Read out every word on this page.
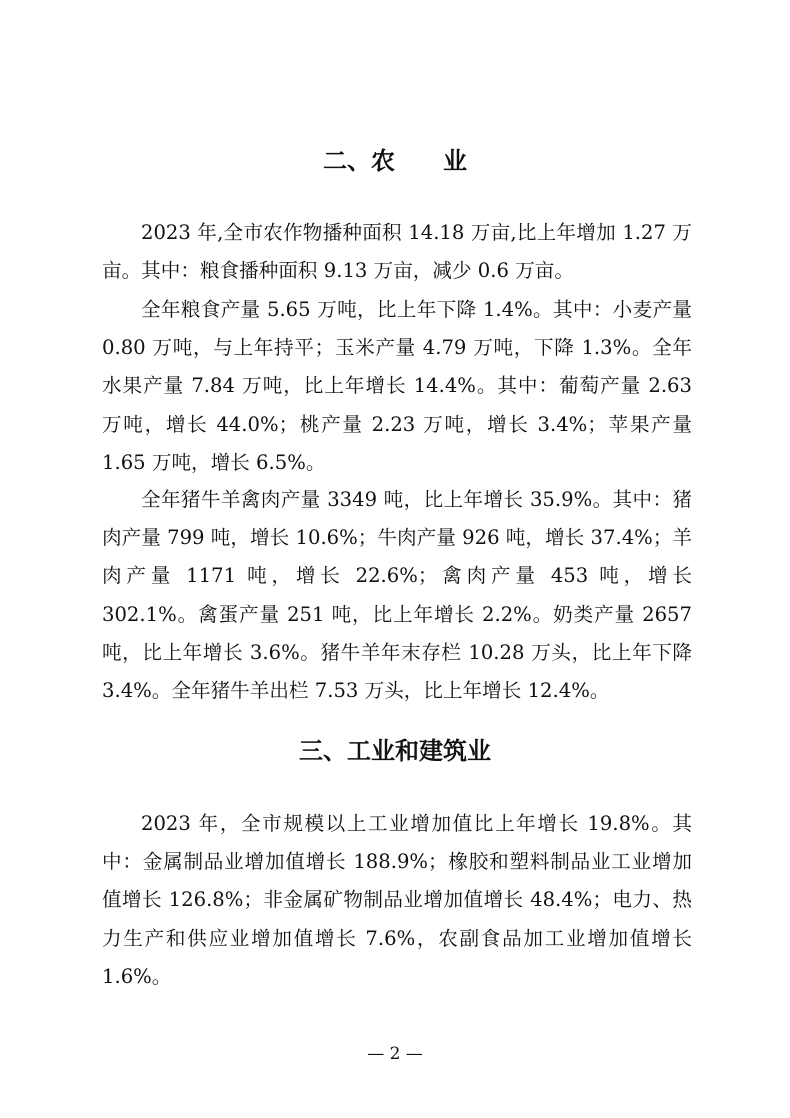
二、农 业

2023 年,全市农作物播种面积 14.18 万亩,比上年增加 1.27 万亩。其中：粮食播种面积 9.13 万亩，减少 0.6 万亩。

全年粮食产量 5.65 万吨，比上年下降 1.4%。其中：小麦产量 0.80 万吨，与上年持平；玉米产量 4.79 万吨，下降 1.3%。全年水果产量 7.84 万吨，比上年增长 14.4%。其中：葡萄产量 2.63 万吨，增长 44.0%；桃产量 2.23 万吨，增长 3.4%；苹果产量 1.65 万吨，增长 6.5%。

全年猪牛羊禽肉产量 3349 吨，比上年增长 35.9%。其中：猪肉产量 799 吨，增长 10.6%；牛肉产量 926 吨，增长 37.4%；羊肉产量 1171 吨，增长 22.6%；禽肉产量 453 吨，增长 302.1%。禽蛋产量 251 吨，比上年增长 2.2%。奶类产量 2657 吨，比上年增长 3.6%。猪牛羊年末存栏 10.28 万头，比上年下降 3.4%。全年猪牛羊出栏 7.53 万头，比上年增长 12.4%。

三、工业和建筑业

2023 年，全市规模以上工业增加值比上年增长 19.8%。其中：金属制品业增加值增长 188.9%；橡胶和塑料制品业工业增加值增长 126.8%；非金属矿物制品业增加值增长 48.4%；电力、热力生产和供应业增加值增长 7.6%，农副食品加工业增加值增长 1.6%。

— 2 —
